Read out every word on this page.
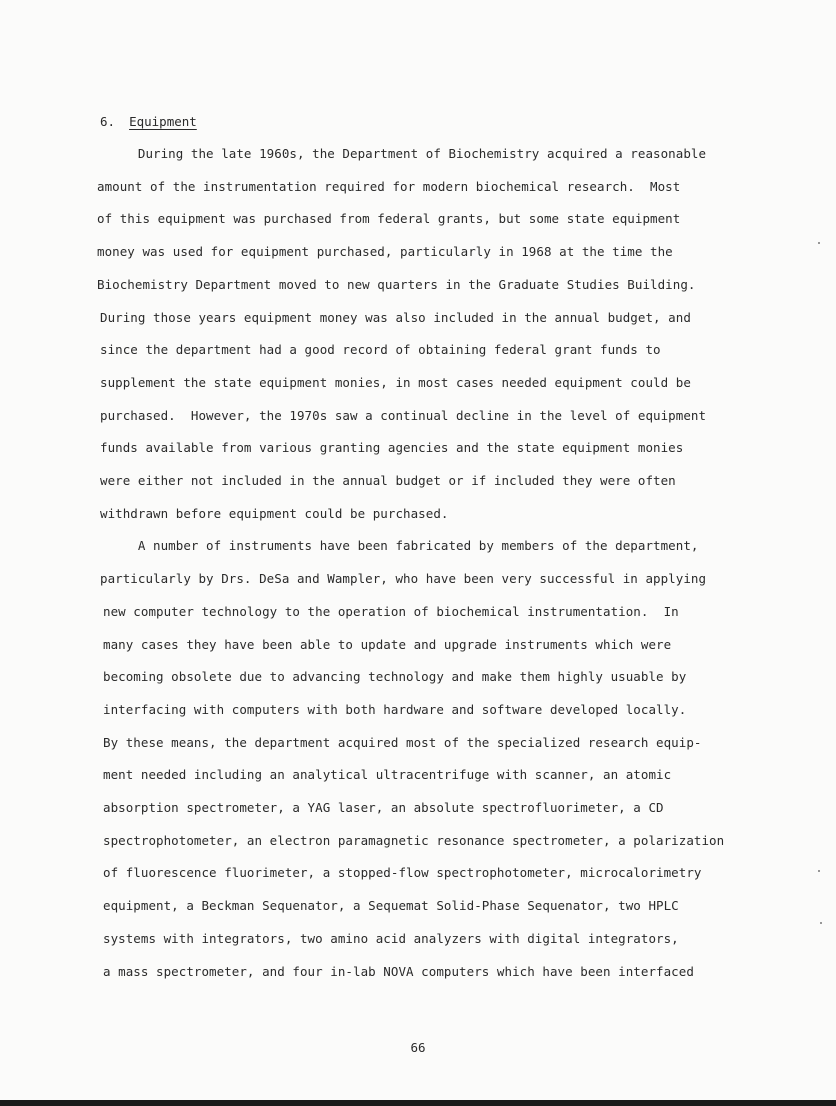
6. Equipment
During the late 1960s, the Department of Biochemistry acquired a reasonable
amount of the instrumentation required for modern biochemical research.  Most
of this equipment was purchased from federal grants, but some state equipment
money was used for equipment purchased, particularly in 1968 at the time the
Biochemistry Department moved to new quarters in the Graduate Studies Building.
During those years equipment money was also included in the annual budget, and
since the department had a good record of obtaining federal grant funds to
supplement the state equipment monies, in most cases needed equipment could be
purchased.  However, the 1970s saw a continual decline in the level of equipment
funds available from various granting agencies and the state equipment monies
were either not included in the annual budget or if included they were often
withdrawn before equipment could be purchased.
A number of instruments have been fabricated by members of the department,
particularly by Drs. DeSa and Wampler, who have been very successful in applying
new computer technology to the operation of biochemical instrumentation.  In
many cases they have been able to update and upgrade instruments which were
becoming obsolete due to advancing technology and make them highly usuable by
interfacing with computers with both hardware and software developed locally.
By these means, the department acquired most of the specialized research equip-
ment needed including an analytical ultracentrifuge with scanner, an atomic
absorption spectrometer, a YAG laser, an absolute spectrofluorimeter, a CD
spectrophotometer, an electron paramagnetic resonance spectrometer, a polarization
of fluorescence fluorimeter, a stopped-flow spectrophotometer, microcalorimetry
equipment, a Beckman Sequenator, a Sequemat Solid-Phase Sequenator, two HPLC
systems with integrators, two amino acid analyzers with digital integrators,
a mass spectrometer, and four in-lab NOVA computers which have been interfaced
66
